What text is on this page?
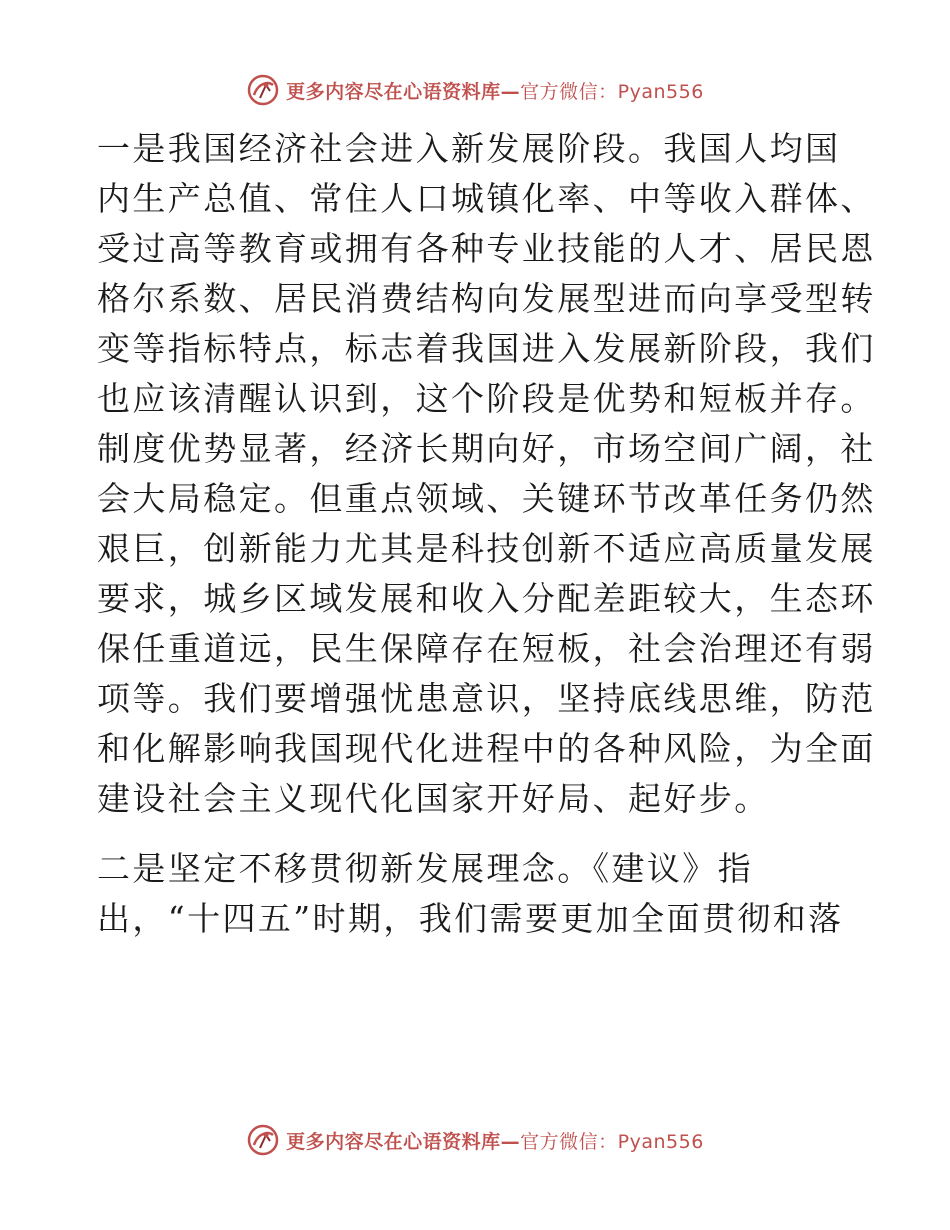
更多内容尽在心语资料库—官方微信：Pyan556

一是我国经济社会进入新发展阶段。我国人均国
内生产总值、常住人口城镇化率、中等收入群体、
受过高等教育或拥有各种专业技能的人才、居民恩
格尔系数、居民消费结构向发展型进而向享受型转
变等指标特点，标志着我国进入发展新阶段，我们
也应该清醒认识到，这个阶段是优势和短板并存。
制度优势显著，经济长期向好，市场空间广阔，社
会大局稳定。但重点领域、关键环节改革任务仍然
艰巨，创新能力尤其是科技创新不适应高质量发展
要求，城乡区域发展和收入分配差距较大，生态环
保任重道远，民生保障存在短板，社会治理还有弱
项等。我们要增强忧患意识，坚持底线思维，防范
和化解影响我国现代化进程中的各种风险，为全面
建设社会主义现代化国家开好局、起好步。

二是坚定不移贯彻新发展理念。《建议》指
出，“十四五”时期，我们需要更加全面贯彻和落

更多内容尽在心语资料库—官方微信：Pyan556
